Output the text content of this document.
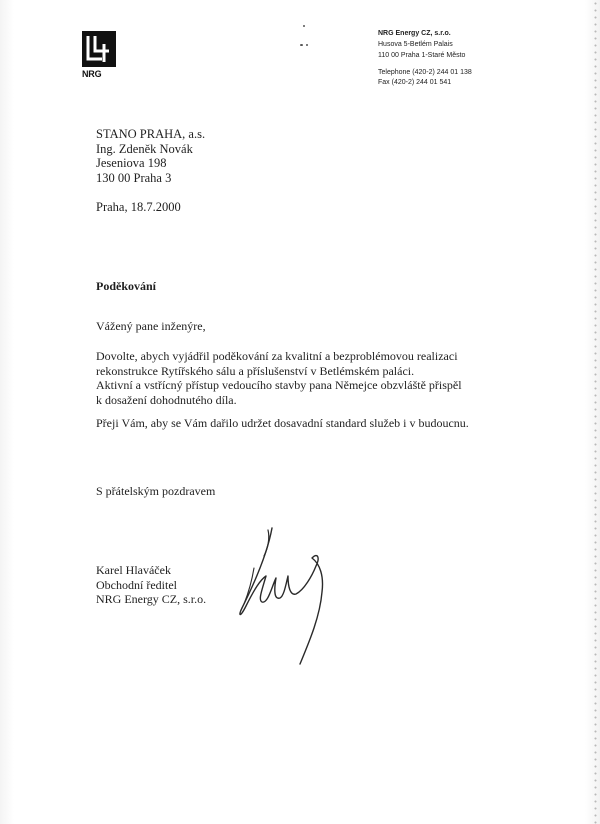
NRG
NRG Energy CZ, s.r.o.
Husova 5-Betlém Palais
110 00 Praha 1-Staré Město
Telephone (420-2) 244 01 138
Fax (420-2) 244 01 541
STANO PRAHA, a.s.
Ing. Zdeněk Novák
Jeseniova 198
130 00 Praha 3
Praha, 18.7.2000
Poděkování
Vážený pane inženýre,
Dovolte, abych vyjádřil poděkování za kvalitní a bezproblémovou realizaci
rekonstrukce Rytířského sálu a příslušenství v Betlémském paláci.
Aktivní a vstřícný přístup vedoucího stavby pana Němejce obzvláště přispěl
k dosažení dohodnutého díla.
Přeji Vám, aby se Vám dařilo udržet dosavadní standard služeb i v budoucnu.
S přátelským pozdravem
Karel Hlaváček
Obchodní ředitel
NRG Energy CZ, s.r.o.
